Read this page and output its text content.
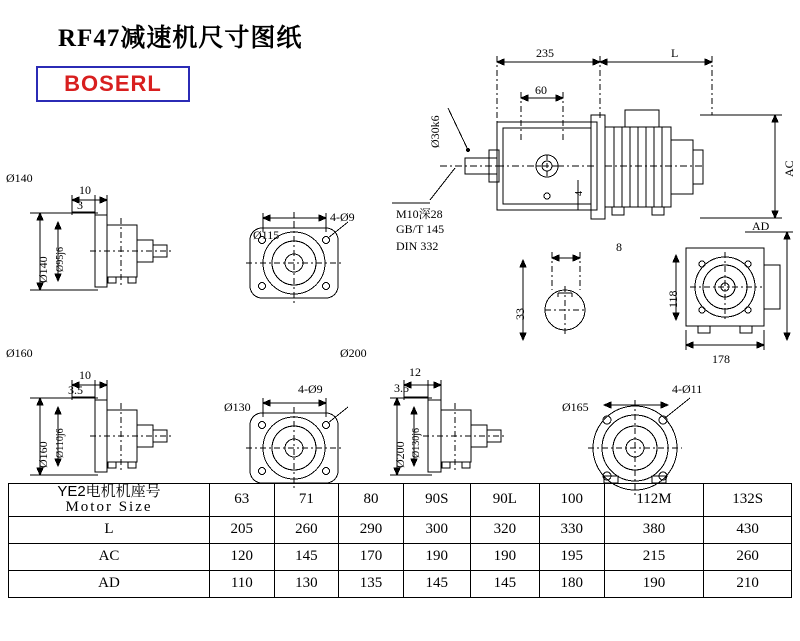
RF47减速机尺寸图纸
BOSERL
235	L
60
Ø30k6
AC
AD
4
M10深28
GB/T 145
DIN 332	8
33
118
178
Ø140
10
3
Ø140 Ø95j6
Ø115
4-Ø9
Ø160
10
3.5
Ø160 Ø110j6
Ø130
4-Ø9
Ø200
12
3.5
Ø200 Ø130j6
4-Ø11
Ø165
YE2电机机座号
Motor Size	63	71	80	90S	90L	100	112M	132S
L	205	260	290	300	320	330	380	430
AC	120	145	170	190	190	195	215	260
AD	110	130	135	145	145	180	190	210
